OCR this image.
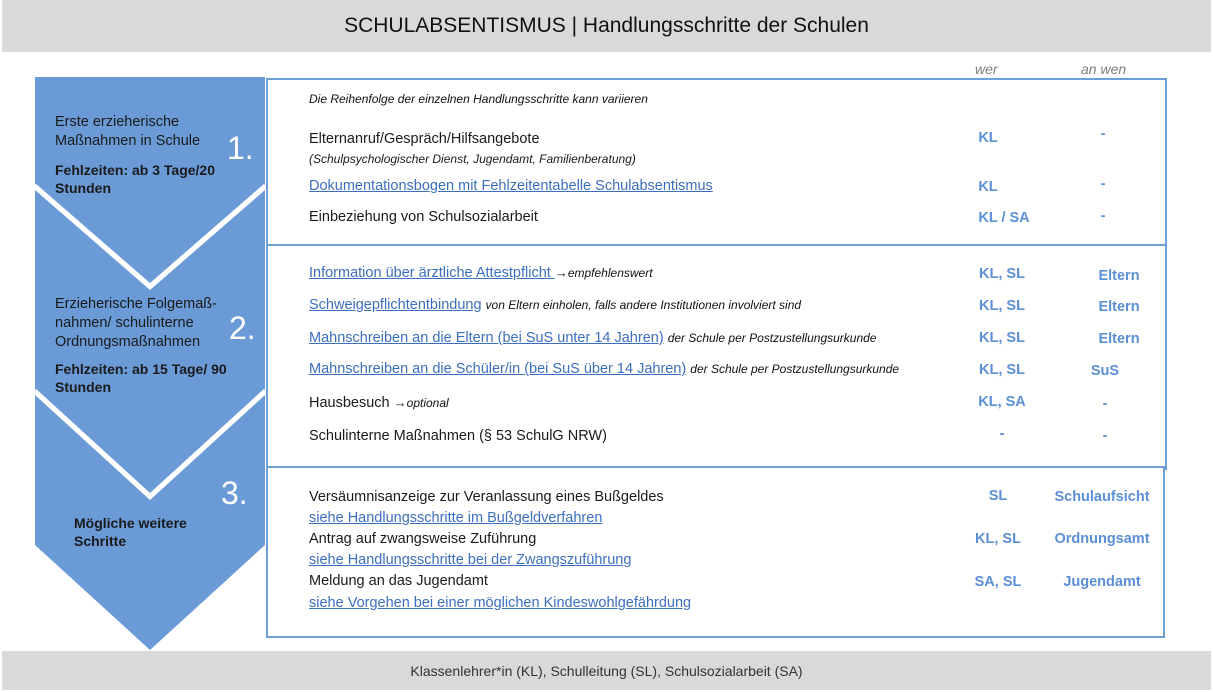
SCHULABSENTISMUS | Handlungsschritte der Schulen
wer	an wen
Erste erzieherische Maßnahmen in Schule
Fehlzeiten: ab 3 Tage/20 Stunden
1.
Erzieherische Folgemaß-nahmen/ schulinterne Ordnungsmaßnahmen
Fehlzeiten: ab 15 Tage/ 90 Stunden
2.
3.
Mögliche weitere Schritte
Die Reihenfolge der einzelnen Handlungsschritte kann variieren
Elternanruf/Gespräch/Hilfsangebote
(Schulpsychologischer Dienst, Jugendamt, Familienberatung)
KL	-
Dokumentationsbogen mit Fehlzeitentabelle Schulabsentismus	KL	-
Einbeziehung von Schulsozialarbeit	KL / SA	-
Information über ärztliche Attestpflicht →empfehlenswert	KL, SL	Eltern
Schweigepflichtentbindung von Eltern einholen, falls andere Institutionen involviert sind	KL, SL	Eltern
Mahnschreiben an die Eltern (bei SuS unter 14 Jahren) der Schule per Postzustellungsurkunde	KL, SL	Eltern
Mahnschreiben an die Schüler/in (bei SuS über 14 Jahren) der Schule per Postzustellungsurkunde	KL, SL	SuS
Hausbesuch →optional	KL, SA	-
Schulinterne Maßnahmen (§ 53 SchulG NRW)	-	-
Versäumnisanzeige zur Veranlassung eines Bußgeldes
siehe Handlungsschritte im Bußgeldverfahren
SL	Schulaufsicht
Antrag auf zwangsweise Zuführung
siehe Handlungsschritte bei der Zwangszuführung
KL, SL	Ordnungsamt
Meldung an das Jugendamt
siehe Vorgehen bei einer möglichen Kindeswohlgefährdung
SA, SL	Jugendamt
Klassenlehrer*in (KL), Schulleitung (SL), Schulsozialarbeit (SA)
